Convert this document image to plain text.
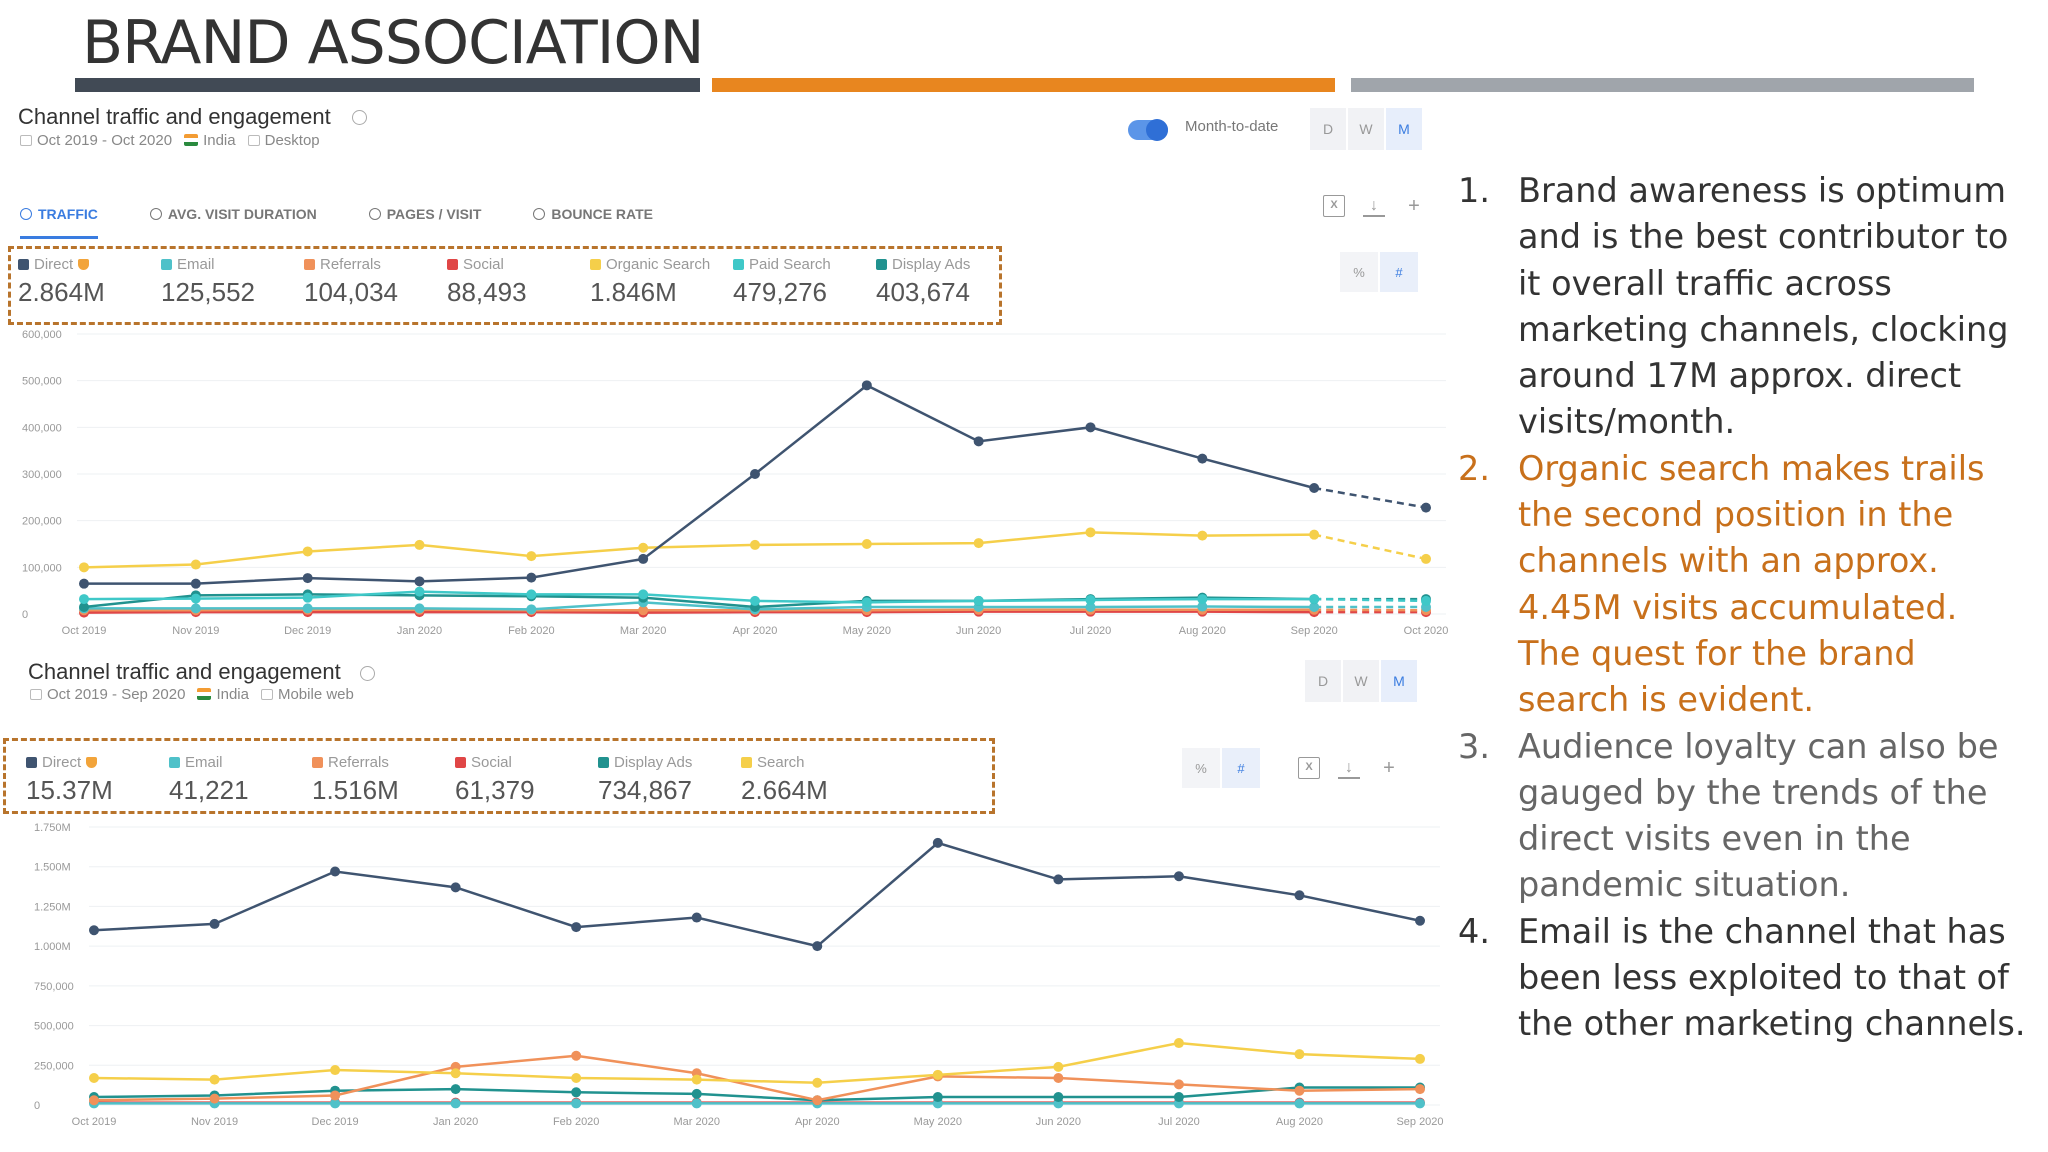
BRAND ASSOCIATION
Channel traffic and engagement
Oct 2019 - Oct 2020 India Desktop
Month-to-date	D	W	M
TRAFFIC	AVG. VISIT DURATION	PAGES / VISIT	BOUNCE RATE
X	↓	+
%	#
Direct
2.864M
Email
125,552
Referrals
104,034
Social
88,493
Organic Search
1.846M
Paid Search
479,276
Display Ads
403,674
600,000
500,000
400,000
300,000
200,000
100,000
0
Oct 2019	Nov 2019	Dec 2019	Jan 2020	Feb 2020	Mar 2020	Apr 2020	May 2020	Jun 2020	Jul 2020	Aug 2020	Sep 2020	Oct 2020
Channel traffic and engagement
Oct 2019 - Sep 2020 India Mobile web
D	W	M
%	#	X	↓	+
Direct
15.37M
Email
41,221
Referrals
1.516M
Social
61,379
Display Ads
734,867
Search
2.664M
1.750M
1.500M
1.250M
1.000M
750,000
500,000
250,000
0
Oct 2019	Nov 2019	Dec 2019	Jan 2020	Feb 2020	Mar 2020	Apr 2020	May 2020	Jun 2020	Jul 2020	Aug 2020	Sep 2020
1. Brand awareness is optimum and is the best contributor to it overall traffic across marketing channels, clocking around 17M approx. direct visits/month.
2. Organic search makes trails the second position in the channels with an approx. 4.45M visits accumulated. The quest for the brand search is evident.
3. Audience loyalty can also be gauged by the trends of the direct visits even in the pandemic situation.
4. Email is the channel that has been less exploited to that of the other marketing channels.
